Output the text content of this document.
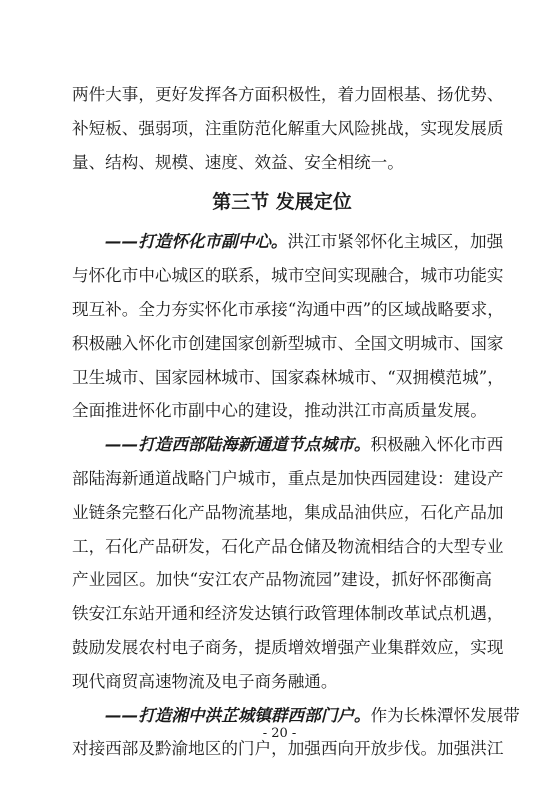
两件大事，更好发挥各方面积极性，着力固根基、扬优势、
补短板、强弱项，注重防范化解重大风险挑战，实现发展质
量、结构、规模、速度、效益、安全相统一。
第三节 发展定位
——打造怀化市副中心。洪江市紧邻怀化主城区，加强
与怀化市中心城区的联系，城市空间实现融合，城市功能实
现互补。全力夯实怀化市承接“沟通中西”的区域战略要求，
积极融入怀化市创建国家创新型城市、全国文明城市、国家
卫生城市、国家园林城市、国家森林城市、“双拥模范城”，
全面推进怀化市副中心的建设，推动洪江市高质量发展。
——打造西部陆海新通道节点城市。积极融入怀化市西
部陆海新通道战略门户城市，重点是加快西园建设：建设产
业链条完整石化产品物流基地，集成品油供应，石化产品加
工，石化产品研发，石化产品仓储及物流相结合的大型专业
产业园区。加快“安江农产品物流园”建设，抓好怀邵衡高
铁安江东站开通和经济发达镇行政管理体制改革试点机遇，
鼓励发展农村电子商务，提质增效增强产业集群效应，实现
现代商贸高速物流及电子商务融通。
——打造湘中洪芷城镇群西部门户。作为长株潭怀发展带
对接西部及黔渝地区的门户，加强西向开放步伐。加强洪江
- 20 -
